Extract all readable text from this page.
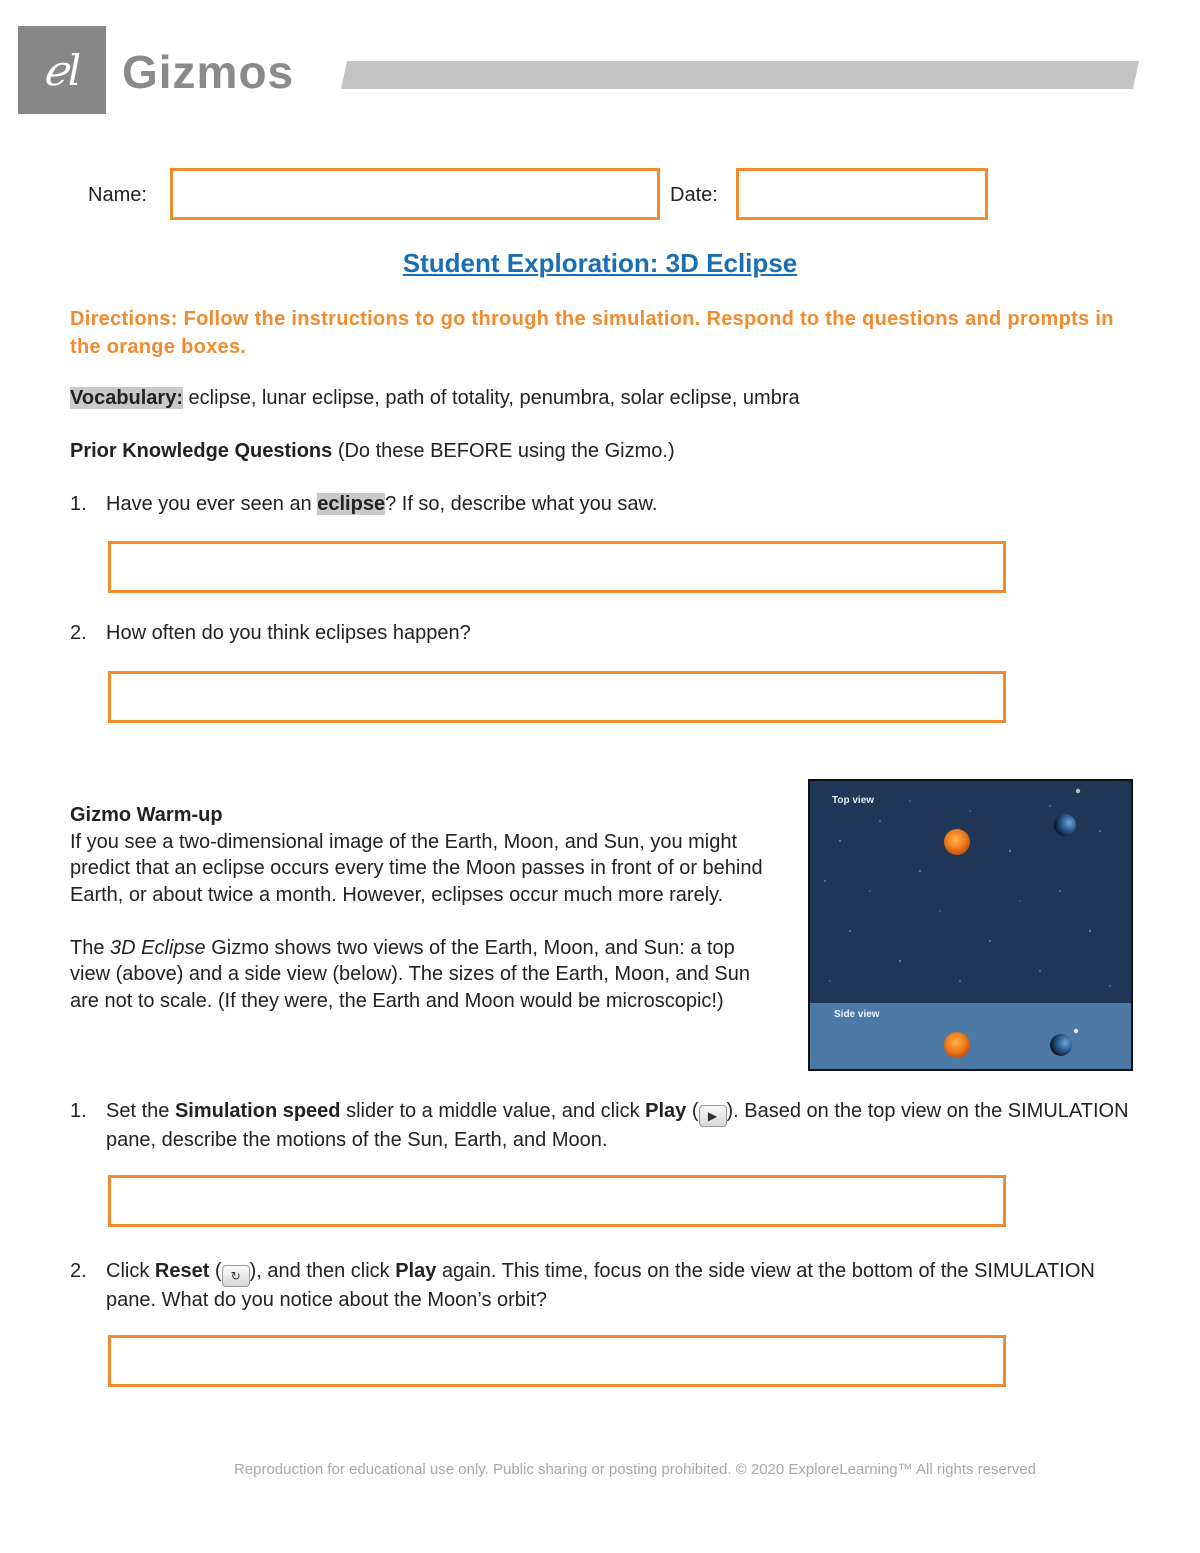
ℯl Gizmos
Name:	Date:
Student Exploration: 3D Eclipse
Directions: Follow the instructions to go through the simulation. Respond to the questions and prompts in the orange boxes.
Vocabulary: eclipse, lunar eclipse, path of totality, penumbra, solar eclipse, umbra
Prior Knowledge Questions (Do these BEFORE using the Gizmo.)
1. Have you ever seen an eclipse? If so, describe what you saw.
2. How often do you think eclipses happen?
Gizmo Warm-up
If you see a two-dimensional image of the Earth, Moon, and Sun, you might predict that an eclipse occurs every time the Moon passes in front of or behind Earth, or about twice a month. However, eclipses occur much more rarely.
The 3D Eclipse Gizmo shows two views of the Earth, Moon, and Sun: a top view (above) and a side view (below). The sizes of the Earth, Moon, and Sun are not to scale. (If they were, the Earth and Moon would be microscopic!)
Top view
Side view
1. Set the Simulation speed slider to a middle value, and click Play ( ▶ ). Based on the top view on the SIMULATION pane, describe the motions of the Sun, Earth, and Moon.
2. Click Reset ( ↻ ), and then click Play again. This time, focus on the side view at the bottom of the SIMULATION pane. What do you notice about the Moon’s orbit?
Reproduction for educational use only. Public sharing or posting prohibited. © 2020 ExploreLearning™ All rights reserved
